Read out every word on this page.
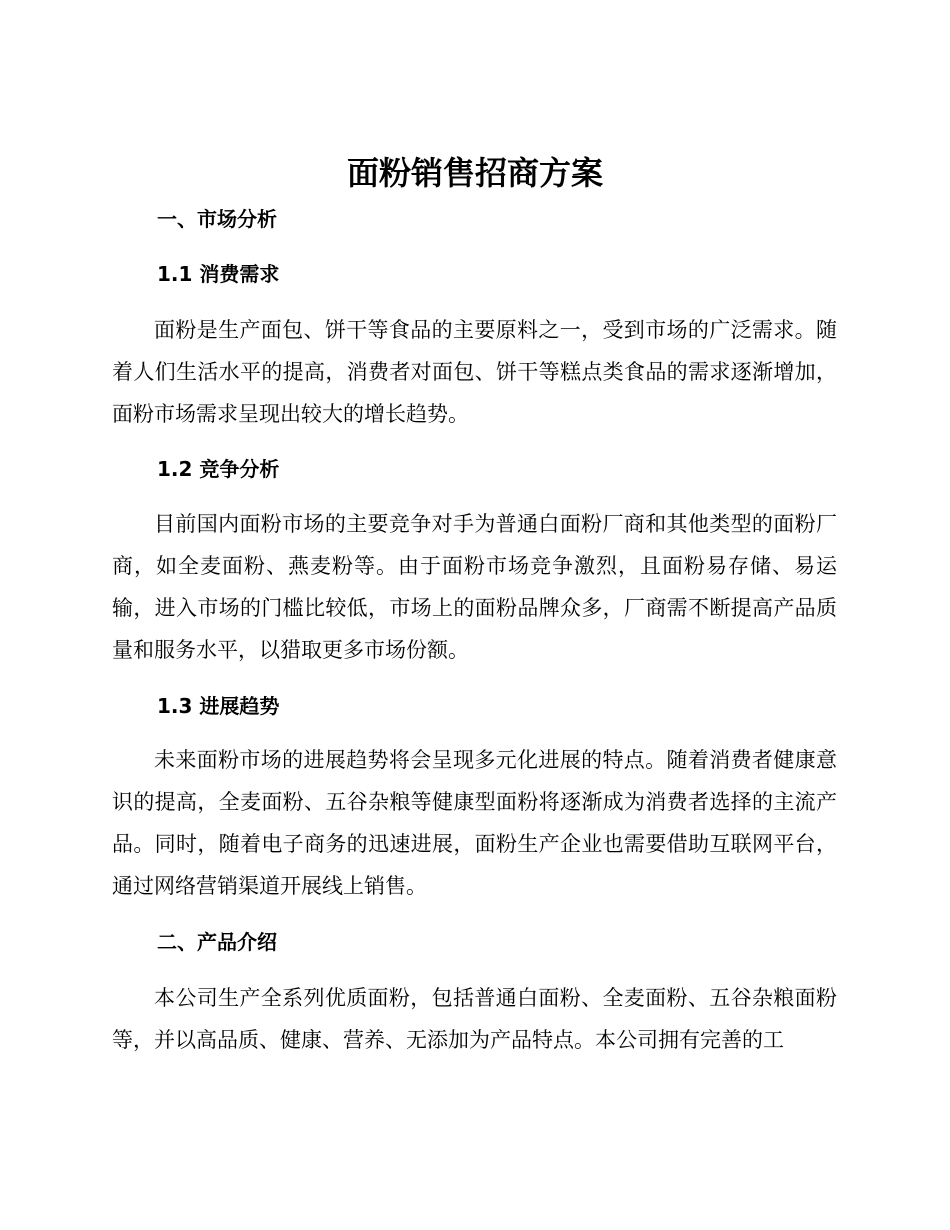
面粉销售招商方案
一、市场分析
1.1 消费需求

面粉是生产面包、饼干等食品的主要原料之一，受到市场的广泛需求。随着人们生活水平的提高，消费者对面包、饼干等糕点类食品的需求逐渐增加，面粉市场需求呈现出较大的增长趋势。

1.2 竞争分析

目前国内面粉市场的主要竞争对手为普通白面粉厂商和其他类型的面粉厂商，如全麦面粉、燕麦粉等。由于面粉市场竞争激烈，且面粉易存储、易运输，进入市场的门槛比较低，市场上的面粉品牌众多，厂商需不断提高产品质量和服务水平，以猎取更多市场份额。

1.3 进展趋势

未来面粉市场的进展趋势将会呈现多元化进展的特点。随着消费者健康意识的提高，全麦面粉、五谷杂粮等健康型面粉将逐渐成为消费者选择的主流产品。同时，随着电子商务的迅速进展，面粉生产企业也需要借助互联网平台，通过网络营销渠道开展线上销售。

二、产品介绍

本公司生产全系列优质面粉，包括普通白面粉、全麦面粉、五谷杂粮面粉等，并以高品质、健康、营养、无添加为产品特点。本公司拥有完善的工
